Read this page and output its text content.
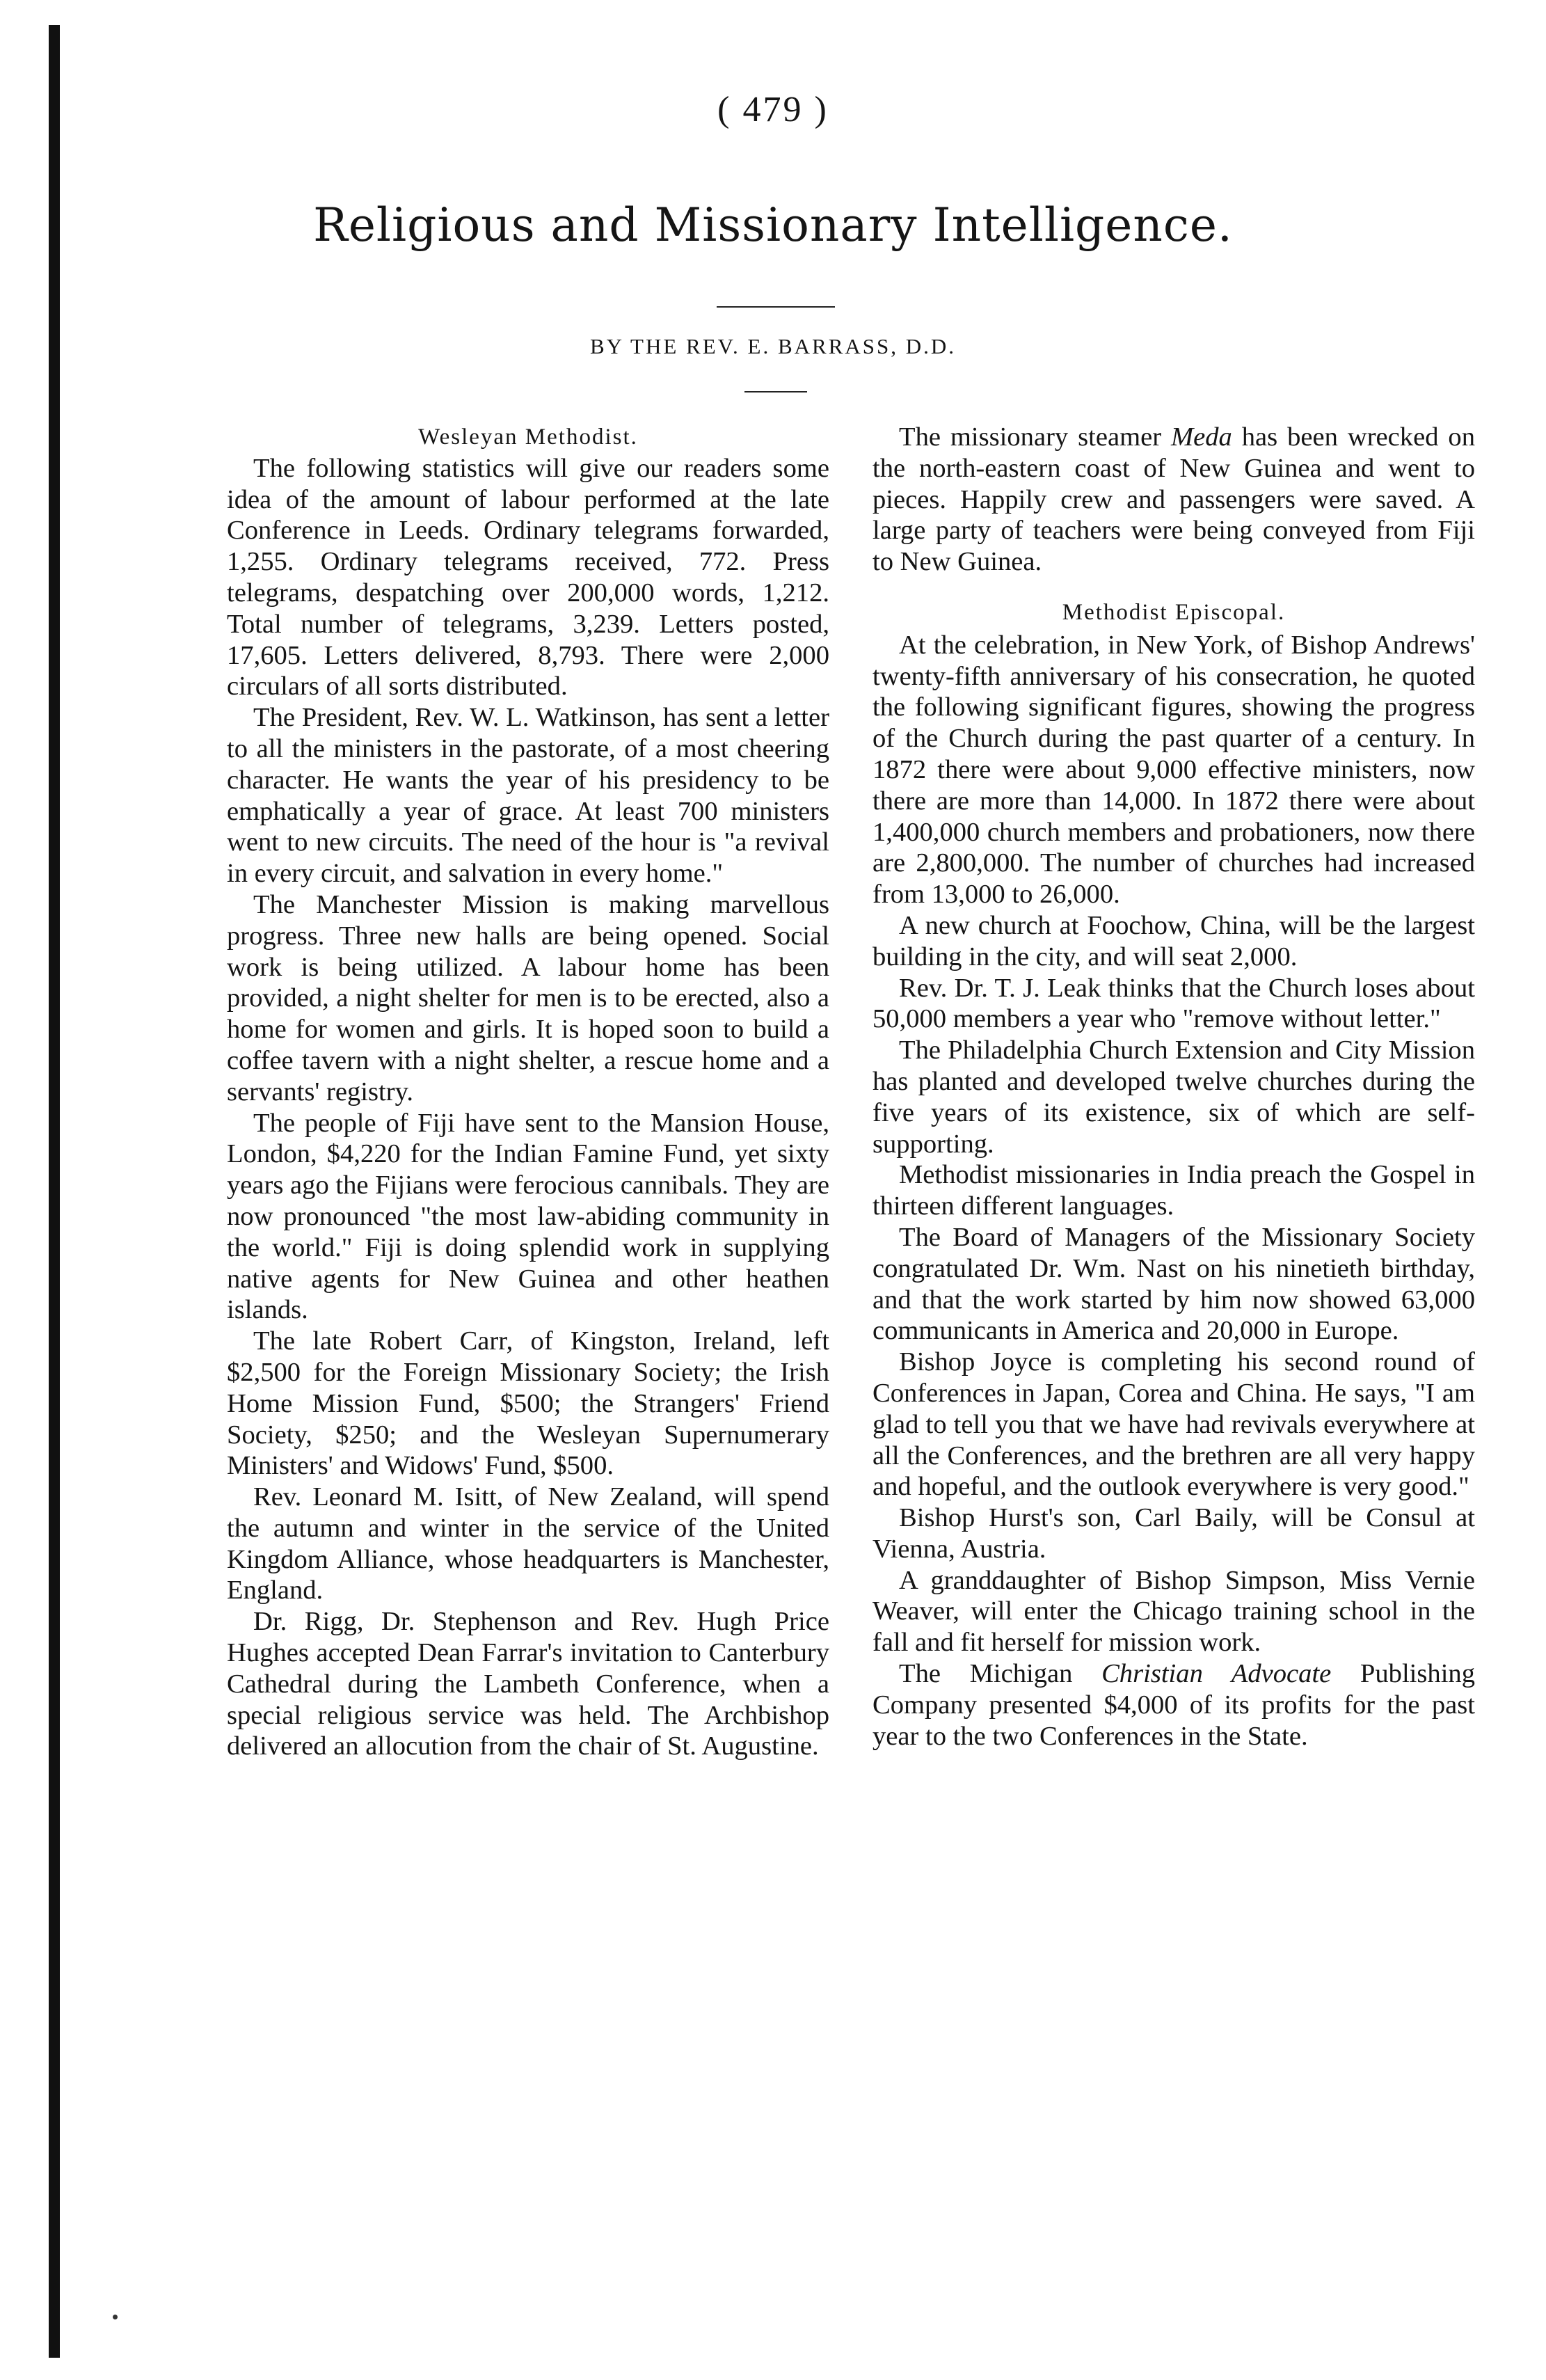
( 479 )
Religious and Missionary Intelligence.
BY THE REV. E. BARRASS, D.D.

Wesleyan Methodist.

The following statistics will give our readers some idea of the amount of labour performed at the late Conference in Leeds. Ordinary telegrams forwarded, 1,255. Ordinary telegrams received, 772. Press telegrams, despatching over 200,000 words, 1,212. Total number of telegrams, 3,239. Letters posted, 17,605. Letters delivered, 8,793. There were 2,000 circulars of all sorts distributed.

The President, Rev. W. L. Watkinson, has sent a letter to all the ministers in the pastorate, of a most cheering character. He wants the year of his presidency to be emphatically a year of grace. At least 700 ministers went to new circuits. The need of the hour is "a revival in every circuit, and salvation in every home."

The Manchester Mission is making marvellous progress. Three new halls are being opened. Social work is being utilized. A labour home has been provided, a night shelter for men is to be erected, also a home for women and girls. It is hoped soon to build a coffee tavern with a night shelter, a rescue home and a servants' registry.

The people of Fiji have sent to the Mansion House, London, $4,220 for the Indian Famine Fund, yet sixty years ago the Fijians were ferocious cannibals. They are now pronounced "the most law-abiding community in the world." Fiji is doing splendid work in supplying native agents for New Guinea and other heathen islands.

The late Robert Carr, of Kingston, Ireland, left $2,500 for the Foreign Missionary Society; the Irish Home Mission Fund, $500; the Strangers' Friend Society, $250; and the Wesleyan Supernumerary Ministers' and Widows' Fund, $500.

Rev. Leonard M. Isitt, of New Zealand, will spend the autumn and winter in the service of the United Kingdom Alliance, whose headquarters is Manchester, England.

Dr. Rigg, Dr. Stephenson and Rev. Hugh Price Hughes accepted Dean Farrar's invitation to Canterbury Cathedral during the Lambeth Conference, when a special religious service was held. The Archbishop delivered an allocution from the chair of St. Augustine.

The missionary steamer Meda has been wrecked on the north-eastern coast of New Guinea and went to pieces. Happily crew and passengers were saved. A large party of teachers were being conveyed from Fiji to New Guinea.

Methodist Episcopal.

At the celebration, in New York, of Bishop Andrews' twenty-fifth anniversary of his consecration, he quoted the following significant figures, showing the progress of the Church during the past quarter of a century. In 1872 there were about 9,000 effective ministers, now there are more than 14,000. In 1872 there were about 1,400,000 church members and probationers, now there are 2,800,000. The number of churches had increased from 13,000 to 26,000.

A new church at Foochow, China, will be the largest building in the city, and will seat 2,000.

Rev. Dr. T. J. Leak thinks that the Church loses about 50,000 members a year who "remove without letter."

The Philadelphia Church Extension and City Mission has planted and developed twelve churches during the five years of its existence, six of which are self-supporting.

Methodist missionaries in India preach the Gospel in thirteen different languages.

The Board of Managers of the Missionary Society congratulated Dr. Wm. Nast on his ninetieth birthday, and that the work started by him now showed 63,000 communicants in America and 20,000 in Europe.

Bishop Joyce is completing his second round of Conferences in Japan, Corea and China. He says, "I am glad to tell you that we have had revivals everywhere at all the Conferences, and the brethren are all very happy and hopeful, and the outlook everywhere is very good."

Bishop Hurst's son, Carl Baily, will be Consul at Vienna, Austria.

A granddaughter of Bishop Simpson, Miss Vernie Weaver, will enter the Chicago training school in the fall and fit herself for mission work.

The Michigan Christian Advocate Publishing Company presented $4,000 of its profits for the past year to the two Conferences in the State.
